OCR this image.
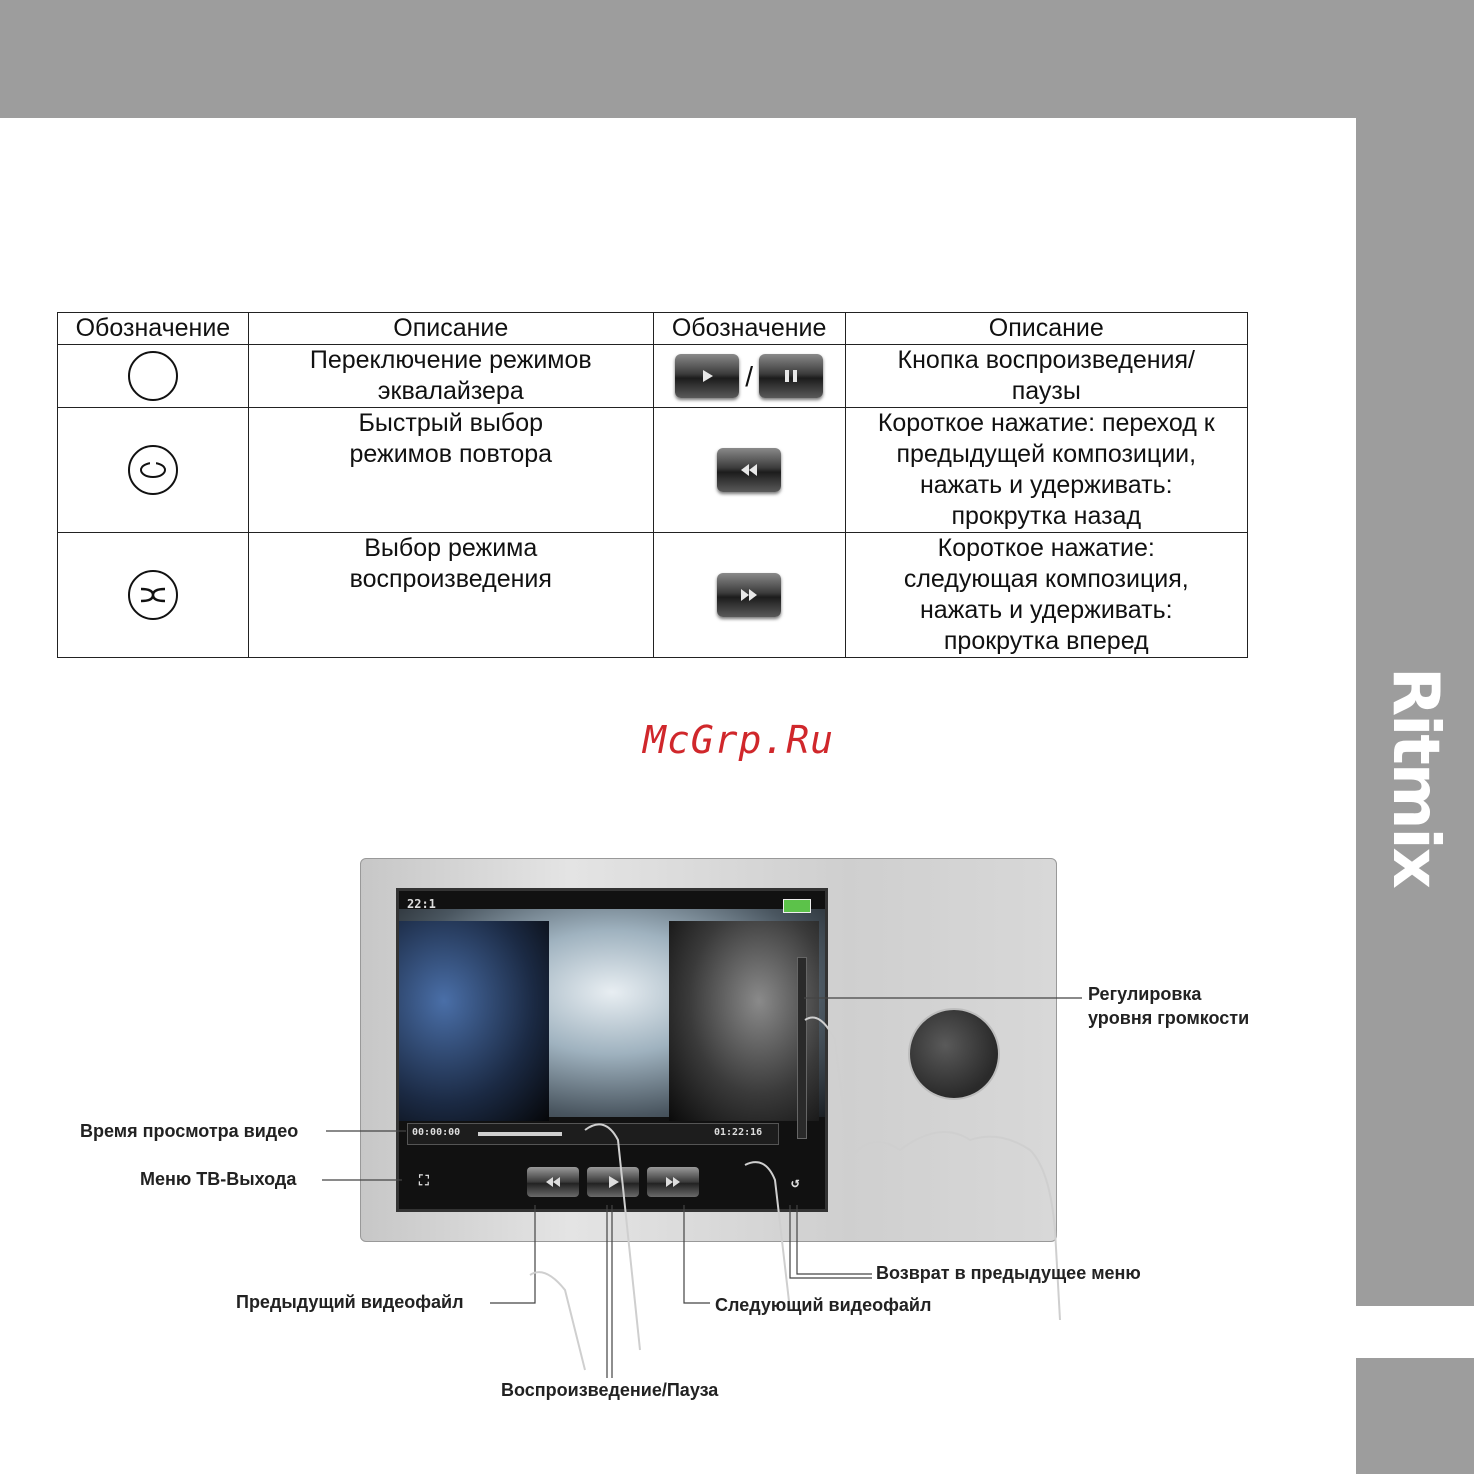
Ritmix
Обозначение	Описание	Обозначение	Описание
	Переключение режимов эквалайзера	/	Кнопка воспроизведения/паузы

	Быстрый выбор режимов повтора		Короткое нажатие: переход к предыдущей композиции, нажать и удерживать: прокрутка назад

	Выбор режима воспроизведения		Короткое нажатие: следующая композиция, нажать и удерживать: прокрутка вперед
McGrp.Ru
22:1
00:00:00	01:22:16
⛶	↺
Регулировка
уровня громкости
Время просмотра видео
Меню ТВ-Выхода
Возврат в предыдущее меню
Предыдущий видеофайл	Следующий видеофайл
Воспроизведение/Пауза
